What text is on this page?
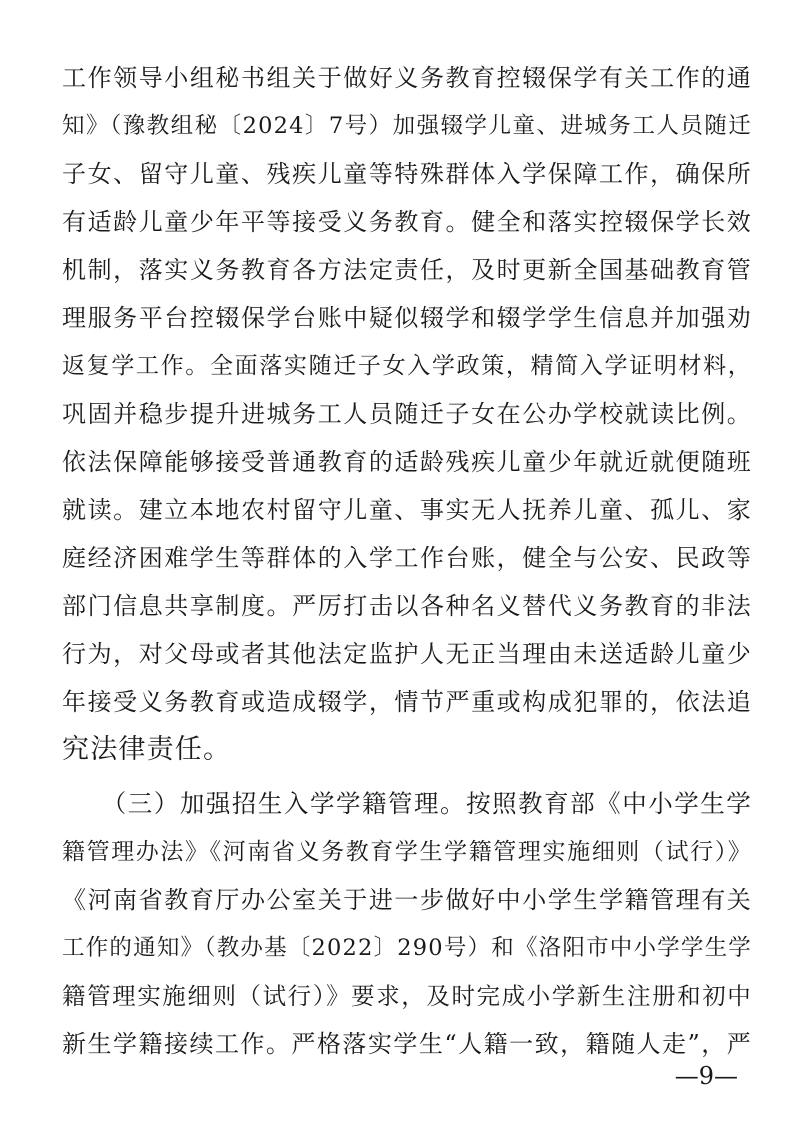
工作领导小组秘书组关于做好义务教育控辍保学有关工作的通
知》（豫教组秘〔2024〕7号）加强辍学儿童、进城务工人员随迁
子女、留守儿童、残疾儿童等特殊群体入学保障工作，确保所
有适龄儿童少年平等接受义务教育。健全和落实控辍保学长效
机制，落实义务教育各方法定责任，及时更新全国基础教育管
理服务平台控辍保学台账中疑似辍学和辍学学生信息并加强劝
返复学工作。全面落实随迁子女入学政策，精简入学证明材料，
巩固并稳步提升进城务工人员随迁子女在公办学校就读比例。
依法保障能够接受普通教育的适龄残疾儿童少年就近就便随班
就读。建立本地农村留守儿童、事实无人抚养儿童、孤儿、家
庭经济困难学生等群体的入学工作台账，健全与公安、民政等
部门信息共享制度。严厉打击以各种名义替代义务教育的非法
行为，对父母或者其他法定监护人无正当理由未送适龄儿童少
年接受义务教育或造成辍学，情节严重或构成犯罪的，依法追
究法律责任。
　　（三）加强招生入学学籍管理。按照教育部《中小学生学
籍管理办法》《河南省义务教育学生学籍管理实施细则（试行）》
《河南省教育厅办公室关于进一步做好中小学生学籍管理有关
工作的通知》（教办基〔2022〕290号）和《洛阳市中小学学生学
籍管理实施细则（试行）》要求，及时完成小学新生注册和初中
新生学籍接续工作。严格落实学生“人籍一致，籍随人走”，严
—9—
